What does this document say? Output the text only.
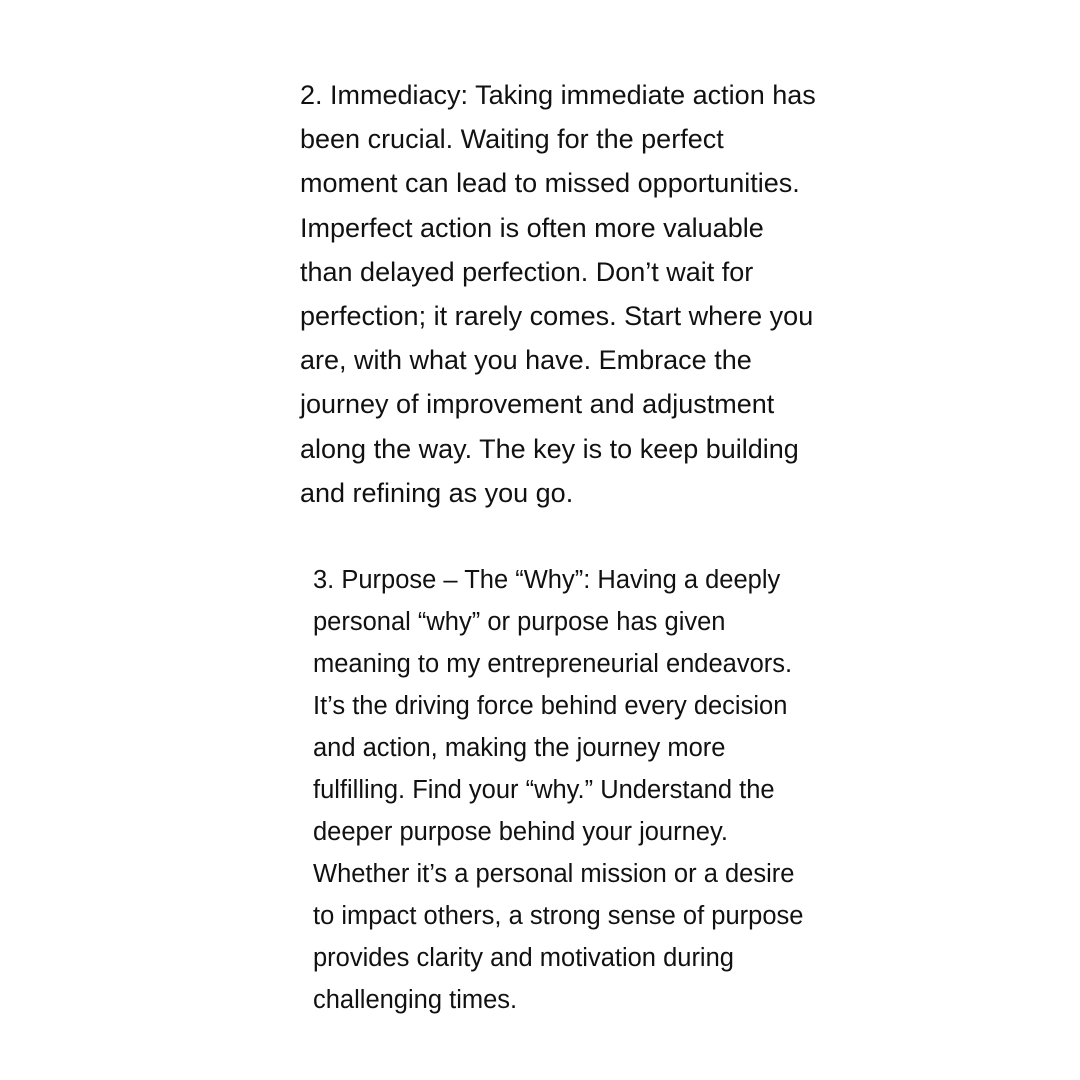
2. Immediacy: Taking immediate action has
been crucial. Waiting for the perfect
moment can lead to missed opportunities.
Imperfect action is often more valuable
than delayed perfection. Don’t wait for
perfection; it rarely comes. Start where you
are, with what you have. Embrace the
journey of improvement and adjustment
along the way. The key is to keep building
and refining as you go.
3. Purpose – The “Why”: Having a deeply
personal “why” or purpose has given
meaning to my entrepreneurial endeavors.
It’s the driving force behind every decision
and action, making the journey more
fulfilling. Find your “why.” Understand the
deeper purpose behind your journey.
Whether it’s a personal mission or a desire
to impact others, a strong sense of purpose
provides clarity and motivation during
challenging times.
